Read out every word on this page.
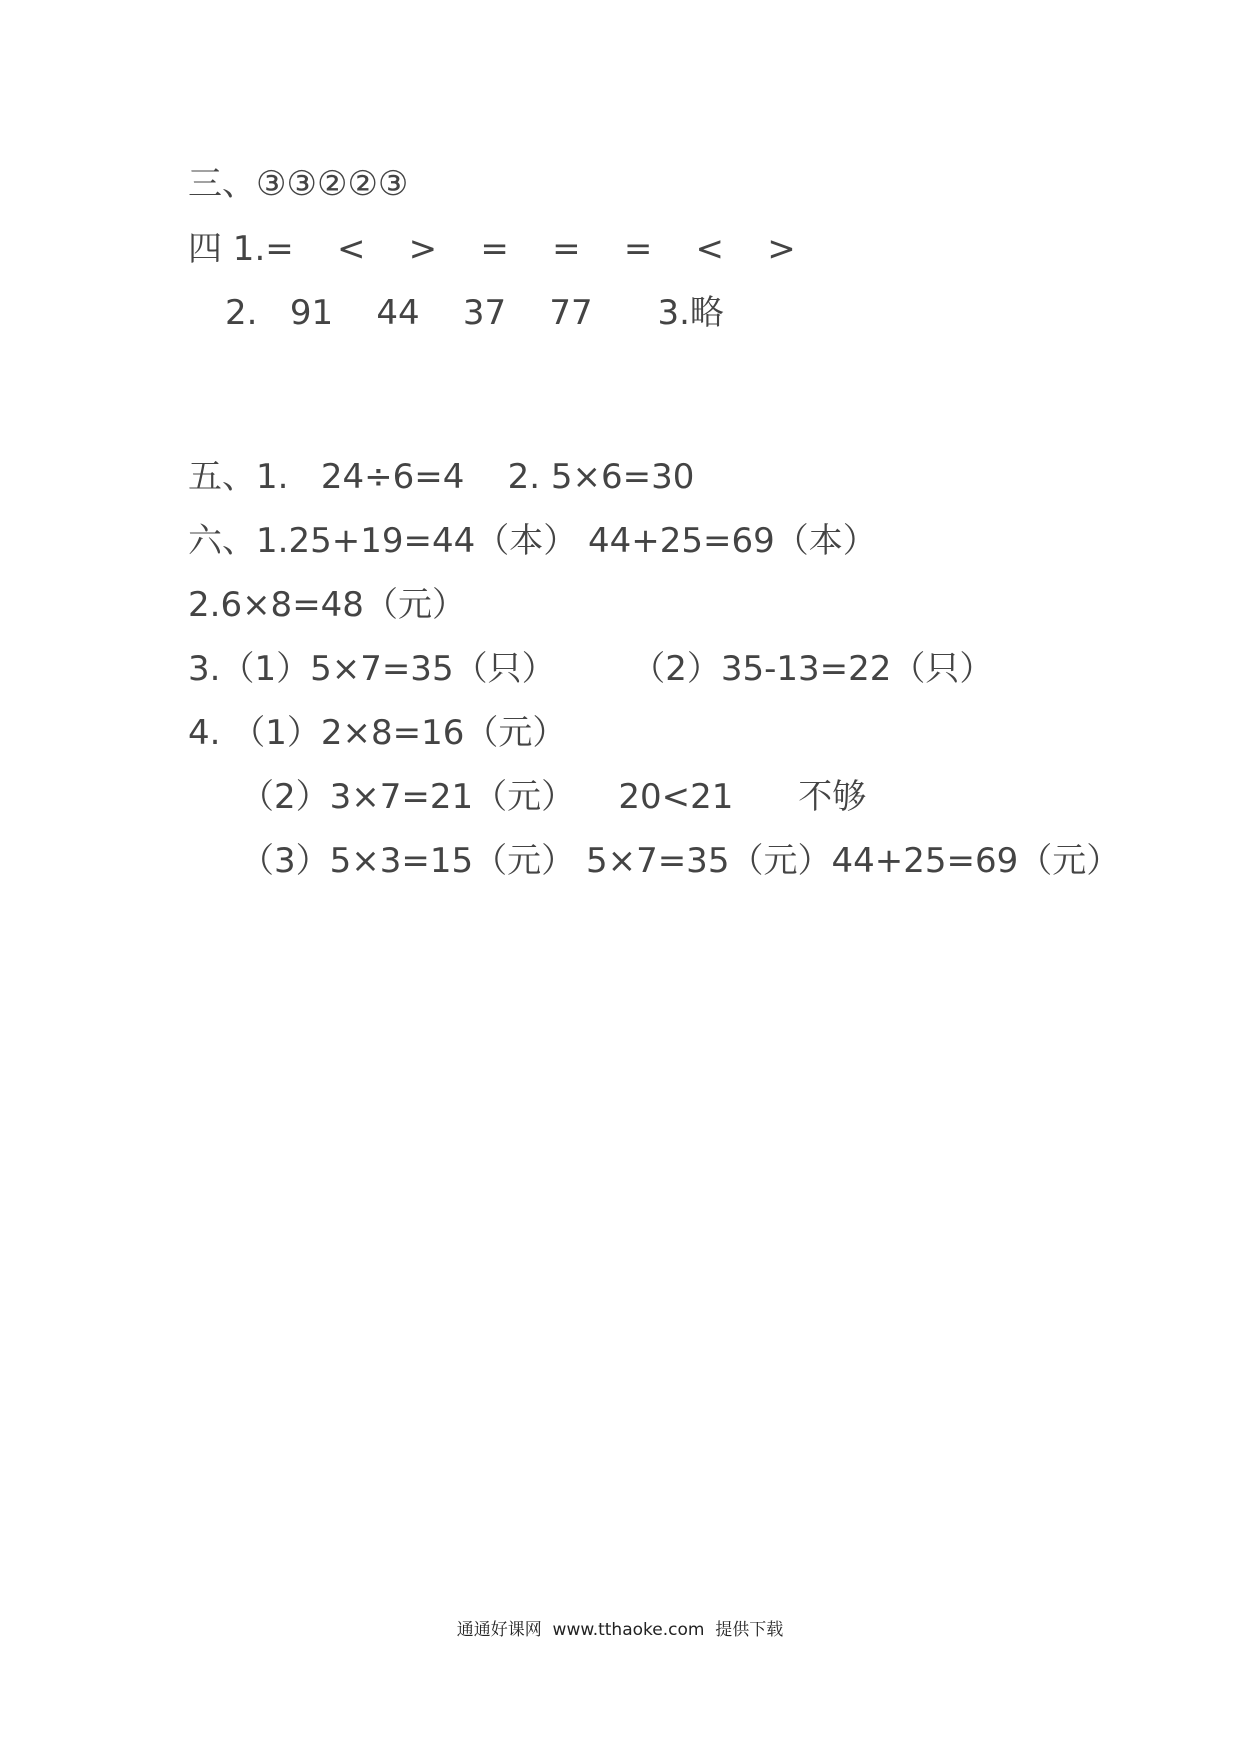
三、③③②②③
四 1.=    <    >    =    =    =    <    >
2.   91    44    37    77      3.略
五、1.   24÷6=4    2. 5×6=30
六、1.25+19=44（本） 44+25=69（本）
2.6×8=48（元）
3.（1）5×7=35（只）       （2）35-13=22（只）
4. （1）2×8=16（元）
（2）3×7=21（元）    20<21      不够
（3）5×3=15（元） 5×7=35（元）44+25=69（元）
通通好课网  www.tthaoke.com  提供下载
